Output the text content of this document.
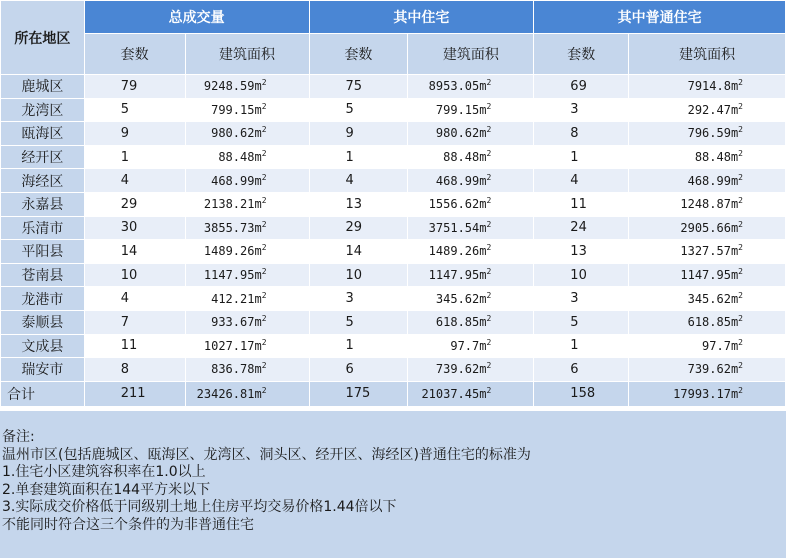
所在地区	总成交量		其中住宅		其中普通住宅	
	套数	建筑面积	套数	建筑面积	套数	建筑面积
鹿城区	79	$9248.59m^2$	75	$8953.05m^2$	69	$7914.8m^2$
龙湾区	5	$799.15m^2$	5	$799.15m^2$	3	$292.47m^2$
瓯海区	9	$980.62m^2$	9	$980.62m^2$	8	$796.59m^2$
经开区	1	$88.48m^2$	1	$88.48m^2$	1	$88.48m^2$
海经区	4	$468.99m^2$	4	$468.99m^2$	4	$468.99m^2$
永嘉县	29	$2138.21m^2$	13	$1556.62m^2$	11	$1248.87m^2$
乐清市	30	$3855.73m^2$	29	$3751.54m^2$	24	$2905.66m^2$
平阳县	14	$1489.26m^2$	14	$1489.26m^2$	13	$1327.57m^2$
苍南县	10	$1147.95m^2$	10	$1147.95m^2$	10	$1147.95m^2$
龙港市	4	$412.21m^2$	3	$345.62m^2$	3	$345.62m^2$
泰顺县	7	$933.67m^2$	5	$618.85m^2$	5	$618.85m^2$
文成县	11	$1027.17m^2$	1	$97.7m^2$	1	$97.7m^2$
瑞安市	8	$836.78m^2$	6	$739.62m^2$	6	$739.62m^2$
合计	211	$23426.81m^2$	175	$21037.45m^2$	158	$17993.17m^2$
备注:
温州市区(包括鹿城区、瓯海区、龙湾区、洞头区、经开区、海经区)普通住宅的标准为
1.住宅小区建筑容积率在1.0以上
2.单套建筑面积在144平方米以下
3.实际成交价格低于同级别土地上住房平均交易价格1.44倍以下
不能同时符合这三个条件的为非普通住宅
